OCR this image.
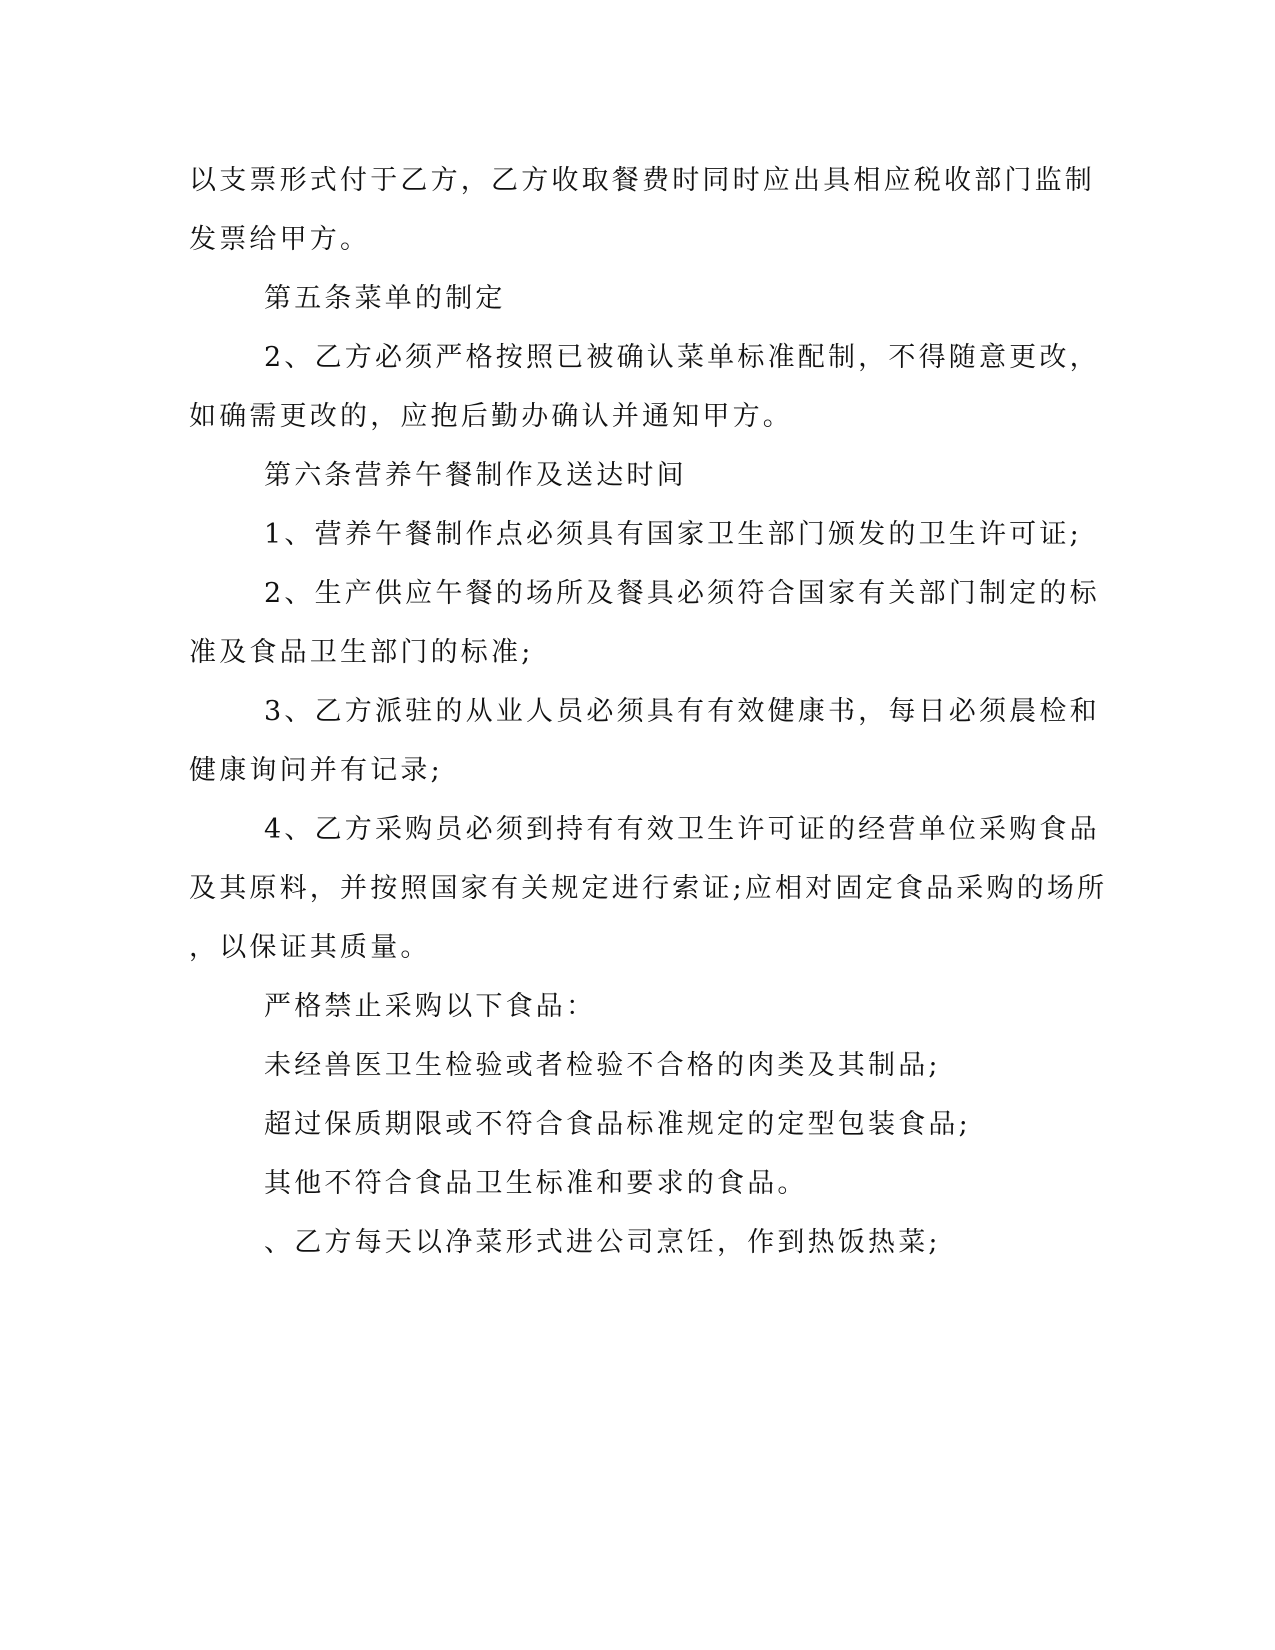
以支票形式付于乙方，乙方收取餐费时同时应出具相应税收部门监制
发票给甲方。
第五条菜单的制定
2、乙方必须严格按照已被确认菜单标准配制，不得随意更改，
如确需更改的，应抱后勤办确认并通知甲方。
第六条营养午餐制作及送达时间
1、营养午餐制作点必须具有国家卫生部门颁发的卫生许可证;
2、生产供应午餐的场所及餐具必须符合国家有关部门制定的标
准及食品卫生部门的标准;
3、乙方派驻的从业人员必须具有有效健康书，每日必须晨检和
健康询问并有记录;
4、乙方采购员必须到持有有效卫生许可证的经营单位采购食品
及其原料，并按照国家有关规定进行索证;应相对固定食品采购的场所
，以保证其质量。
严格禁止采购以下食品：
未经兽医卫生检验或者检验不合格的肉类及其制品;
超过保质期限或不符合食品标准规定的定型包装食品;
其他不符合食品卫生标准和要求的食品。
、乙方每天以净菜形式进公司烹饪，作到热饭热菜;
